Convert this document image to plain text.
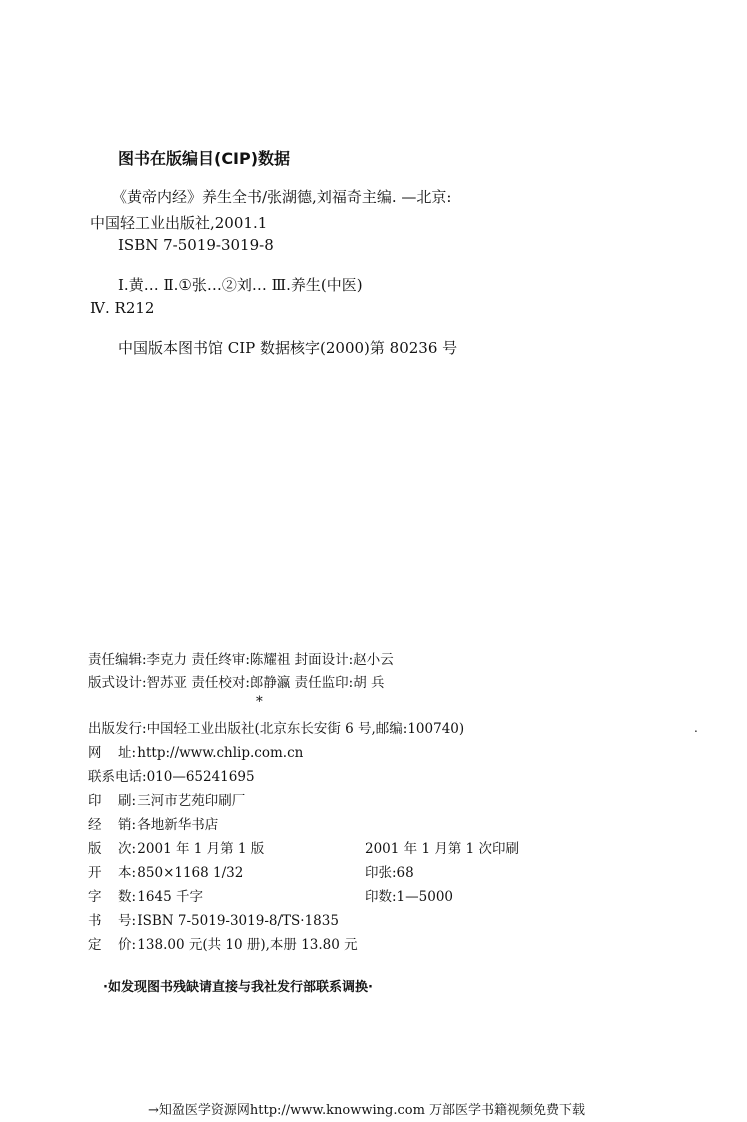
图书在版编目(CIP)数据
《黄帝内经》养生全书/张湖德,刘福奇主编. —北京:
中国轻工业出版社,2001.1
ISBN 7-5019-3019-8
Ⅰ.黄… Ⅱ.①张…②刘… Ⅲ.养生(中医)
Ⅳ. R212
中国版本图书馆 CIP 数据核字(2000)第 80236 号
责任编辑:李克力 责任终审:陈耀祖 封面设计:赵小云
版式设计:智苏亚 责任校对:郎静瀛 责任监印:胡 兵
*
出版发行:中国轻工业出版社(北京东长安街 6 号,邮编:100740)
网 址: http://www.chlip.com.cn
联系电话:010—65241695
印 刷: 三河市艺苑印刷厂
经 销: 各地新华书店
版 次: 2001 年 1 月第 1 版	2001 年 1 月第 1 次印刷
开 本: 850×1168 1/32	印张:68
字 数: 1645 千字	印数:1—5000
书 号: ISBN 7-5019-3019-8/TS·1835
定 价: 138.00 元(共 10 册),本册 13.80 元
.
·如发现图书残缺请直接与我社发行部联系调换·
→知盈医学资源网http://www.knowwing.com 万部医学书籍视频免费下载
